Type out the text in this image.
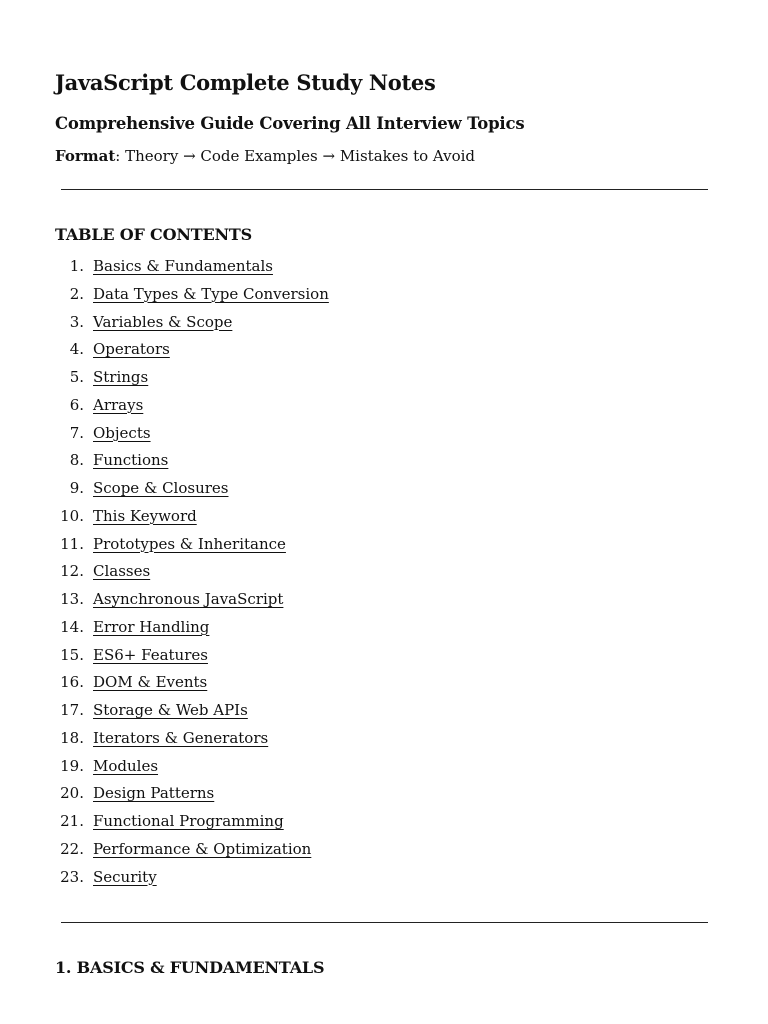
JavaScript Complete Study Notes
Comprehensive Guide Covering All Interview Topics
Format: Theory → Code Examples → Mistakes to Avoid
TABLE OF CONTENTS
1. Basics & Fundamentals
2. Data Types & Type Conversion
3. Variables & Scope
4. Operators
5. Strings
6. Arrays
7. Objects
8. Functions
9. Scope & Closures
10. This Keyword
11. Prototypes & Inheritance
12. Classes
13. Asynchronous JavaScript
14. Error Handling
15. ES6+ Features
16. DOM & Events
17. Storage & Web APIs
18. Iterators & Generators
19. Modules
20. Design Patterns
21. Functional Programming
22. Performance & Optimization
23. Security
1. BASICS & FUNDAMENTALS
